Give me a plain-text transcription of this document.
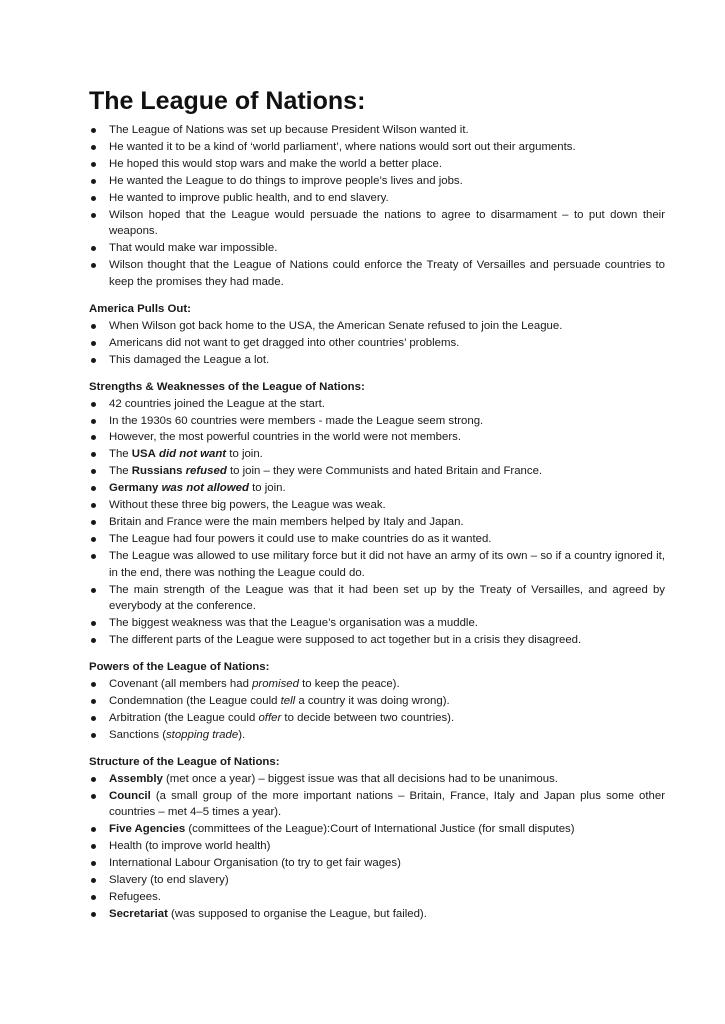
The League of Nations:
The League of Nations was set up because President Wilson wanted it.
He wanted it to be a kind of ‘world parliament’, where nations would sort out their arguments.
He hoped this would stop wars and make the world a better place.
He wanted the League to do things to improve people’s lives and jobs.
He wanted to improve public health, and to end slavery.
Wilson hoped that the League would persuade the nations to agree to disarmament – to put down their weapons.
That would make war impossible.
Wilson thought that the League of Nations could enforce the Treaty of Versailles and persuade countries to keep the promises they had made.
America Pulls Out:
When Wilson got back home to the USA, the American Senate refused to join the League.
Americans did not want to get dragged into other countries’ problems.
This damaged the League a lot.
Strengths & Weaknesses of the League of Nations:
42 countries joined the League at the start.
In the 1930s 60 countries were members - made the League seem strong.
However, the most powerful countries in the world were not members.
The USA did not want to join.
The Russians refused to join – they were Communists and hated Britain and France.
Germany was not allowed to join.
Without these three big powers, the League was weak.
Britain and France were the main members helped by Italy and Japan.
The League had four powers it could use to make countries do as it wanted.
The League was allowed to use military force but it did not have an army of its own – so if a country ignored it, in the end, there was nothing the League could do.
The main strength of the League was that it had been set up by the Treaty of Versailles, and agreed by everybody at the conference.
The biggest weakness was that the League’s organisation was a muddle.
The different parts of the League were supposed to act together but in a crisis they disagreed.
Powers of the League of Nations:
Covenant (all members had promised to keep the peace).
Condemnation (the League could tell a country it was doing wrong).
Arbitration (the League could offer to decide between two countries).
Sanctions (stopping trade).
Structure of the League of Nations:
Assembly (met once a year) – biggest issue was that all decisions had to be unanimous.
Council (a small group of the more important nations – Britain, France, Italy and Japan plus some other countries – met 4–5 times a year).
Five Agencies (committees of the League):Court of International Justice (for small disputes)
Health (to improve world health)
International Labour Organisation (to try to get fair wages)
Slavery (to end slavery)
Refugees.
Secretariat (was supposed to organise the League, but failed).
